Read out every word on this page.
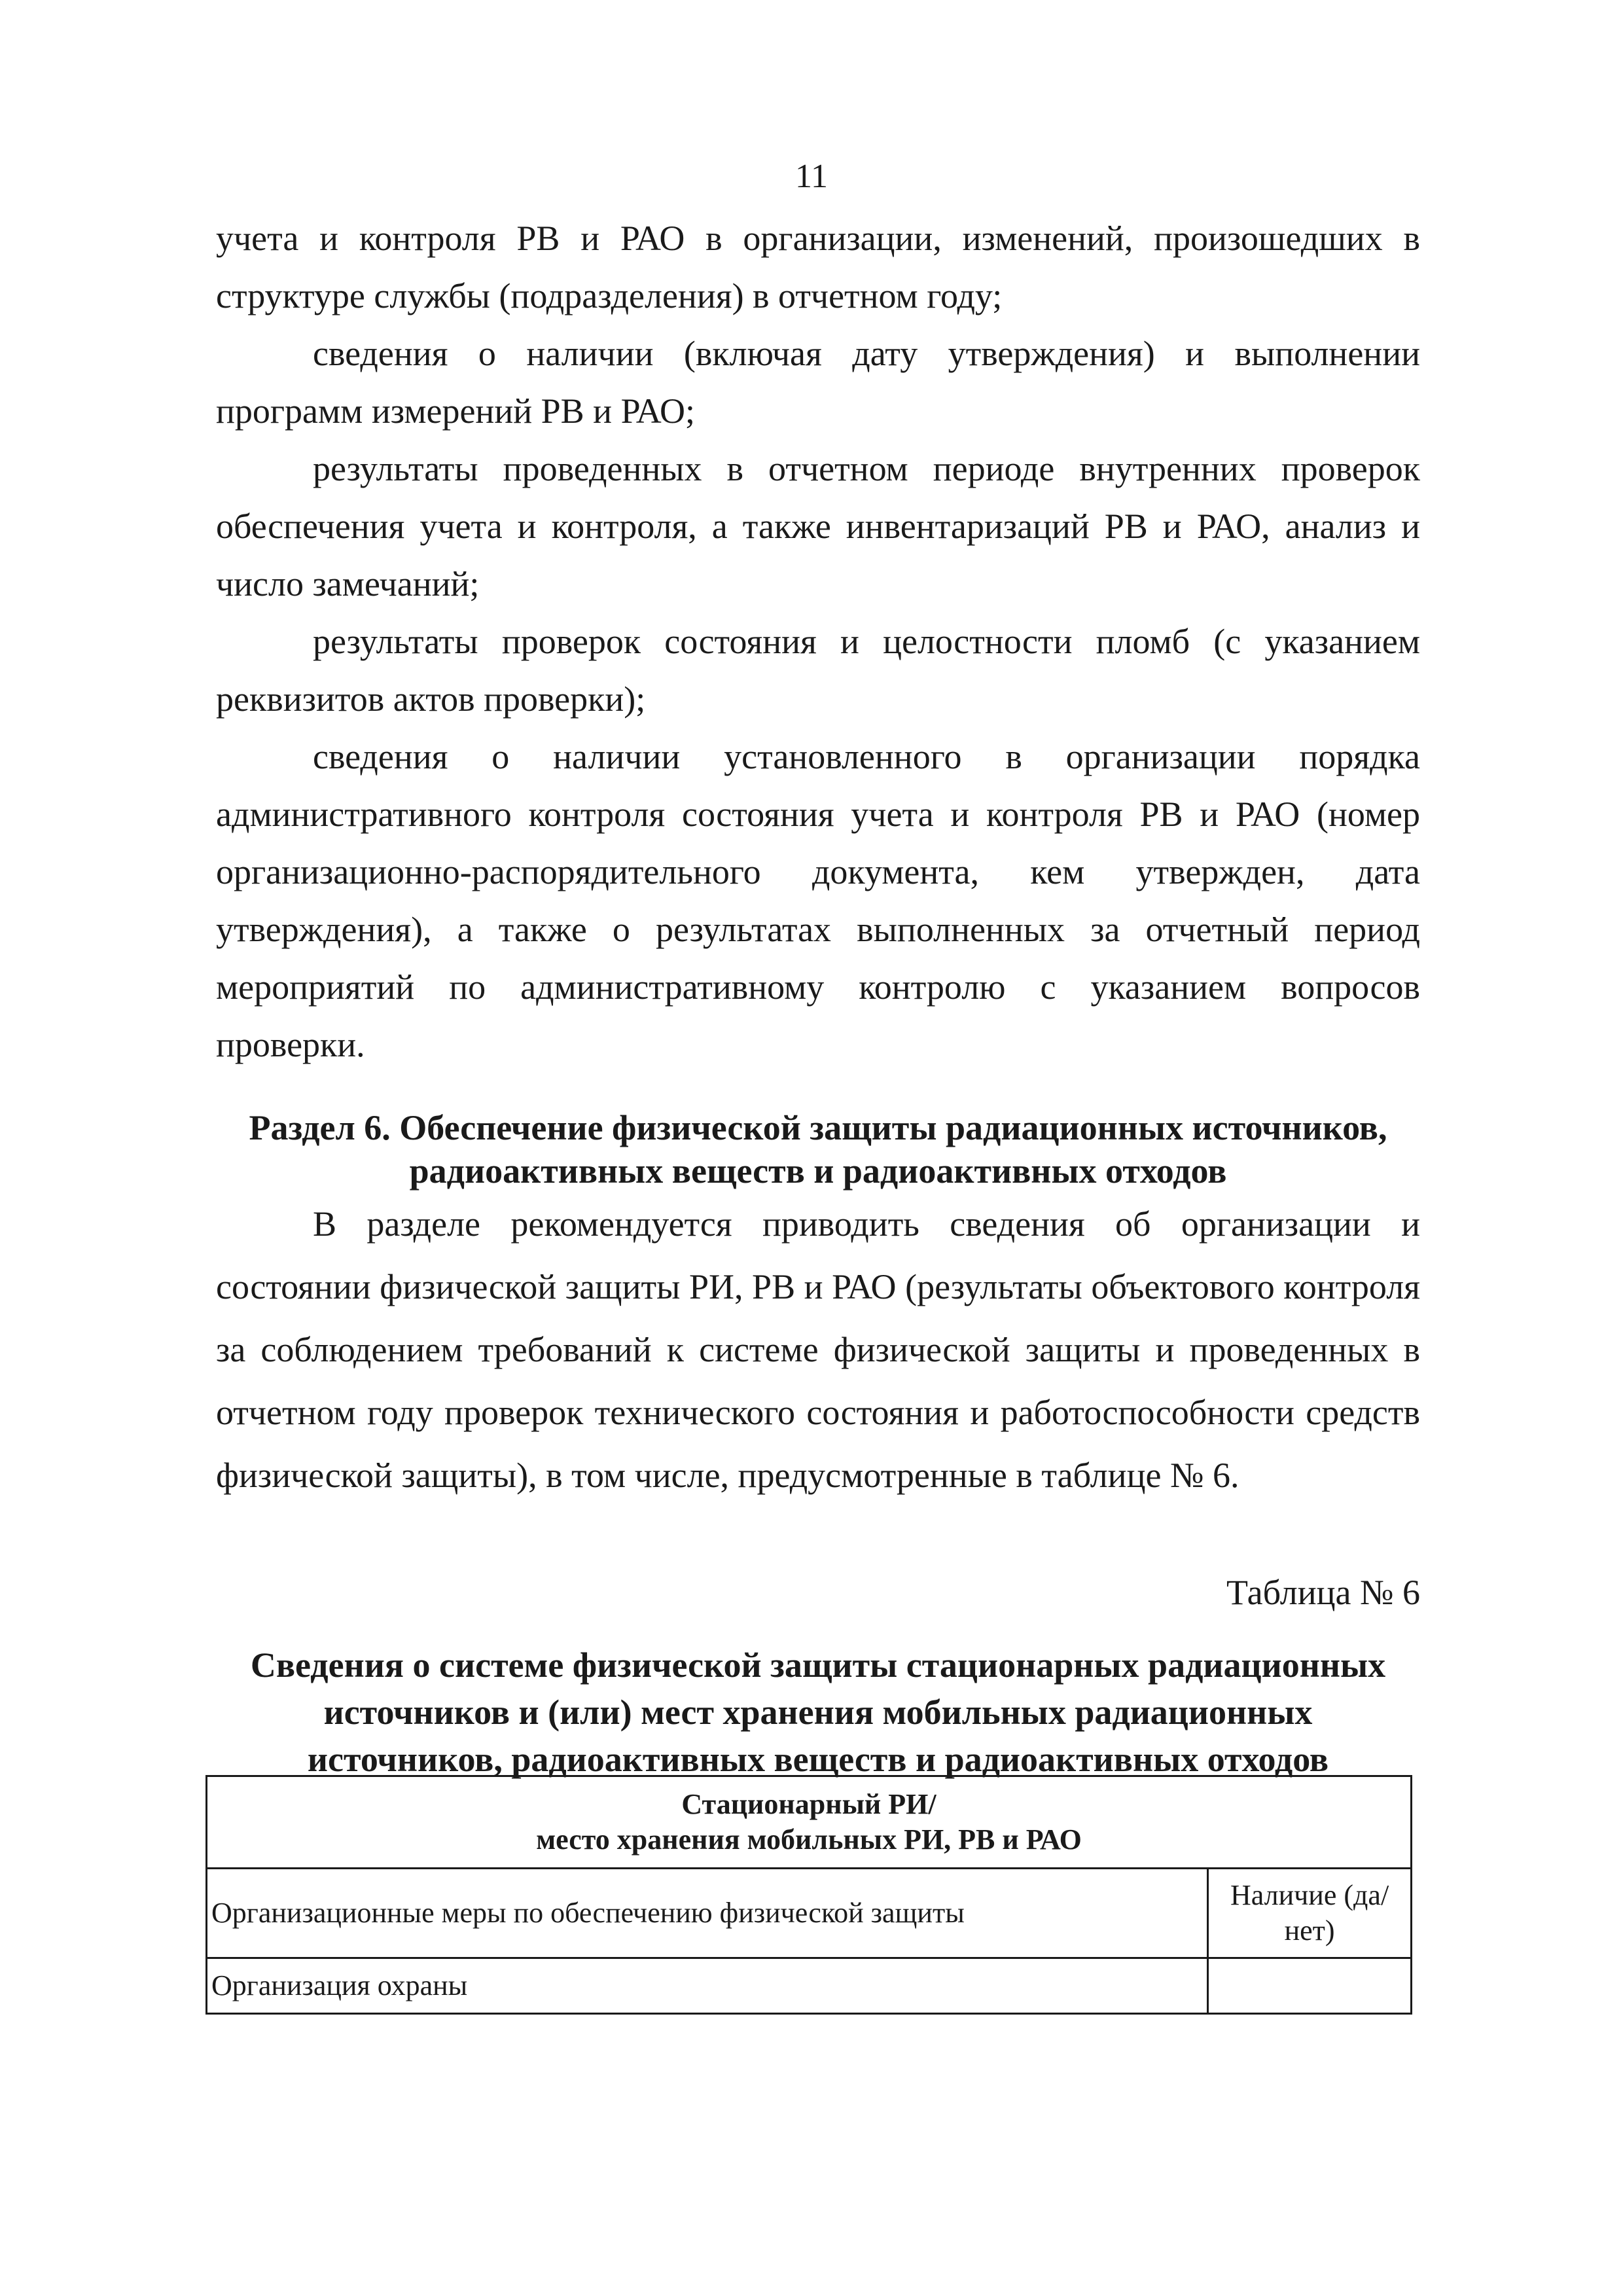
11

учета и контроля РВ и РАО в организации, изменений, произошедших в структуре службы (подразделения) в отчетном году;

сведения о наличии (включая дату утверждения) и выполнении программ измерений РВ и РАО;

результаты проведенных в отчетном периоде внутренних проверок обеспечения учета и контроля, а также инвентаризаций РВ и РАО, анализ и число замечаний;

результаты проверок состояния и целостности пломб (с указанием реквизитов актов проверки);

сведения о наличии установленного в организации порядка административного контроля состояния учета и контроля РВ и РАО (номер организационно-распорядительного документа, кем утвержден, дата утверждения), а также о результатах выполненных за отчетный период мероприятий по административному контролю с указанием вопросов проверки.

Раздел 6. Обеспечение физической защиты радиационных источников,
радиоактивных веществ и радиоактивных отходов

В разделе рекомендуется приводить сведения об организации и состоянии физической защиты РИ, РВ и РАО (результаты объектового контроля за соблюдением требований к системе физической защиты и проведенных в отчетном году проверок технического состояния и работоспособности средств физической защиты), в том числе, предусмотренные в таблице № 6.

Таблица № 6

Сведения о системе физической защиты стационарных радиационных
источников и (или) мест хранения мобильных радиационных
источников, радиоактивных веществ и радиоактивных отходов
Стационарный РИ/
место хранения мобильных РИ, РВ и РАО	

Организационные меры по обеспечению физической защиты	Наличие (да/нет)
Организация охраны	
